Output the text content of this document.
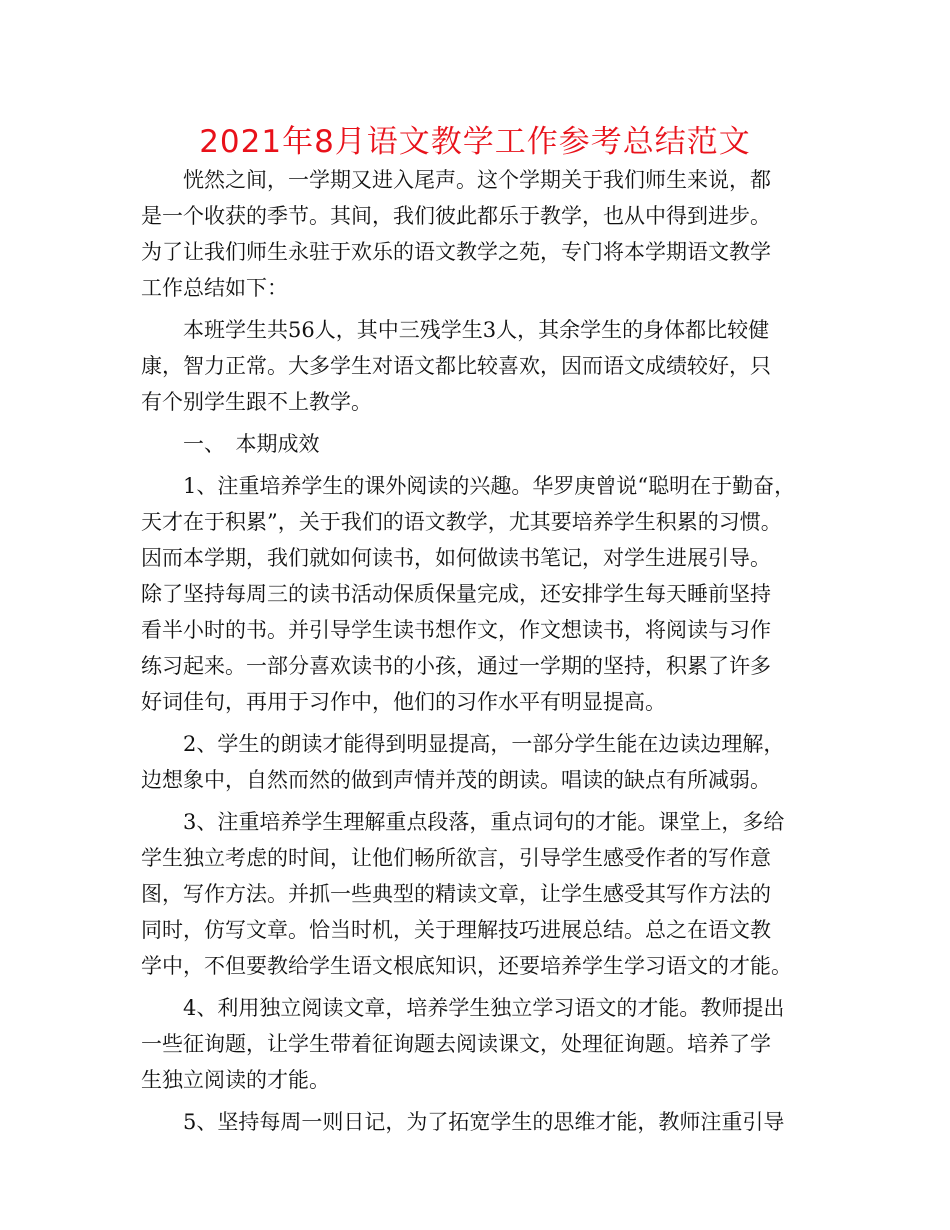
2021年8月语文教学工作参考总结范文
恍然之间，一学期又进入尾声。这个学期关于我们师生来说，都
是一个收获的季节。其间，我们彼此都乐于教学，也从中得到进步。
为了让我们师生永驻于欢乐的语文教学之苑，专门将本学期语文教学
工作总结如下：
本班学生共56人，其中三残学生3人，其余学生的身体都比较健
康，智力正常。大多学生对语文都比较喜欢，因而语文成绩较好，只
有个别学生跟不上教学。
一、　本期成效
1、注重培养学生的课外阅读的兴趣。华罗庚曾说“聪明在于勤奋，
天才在于积累”，关于我们的语文教学，尤其要培养学生积累的习惯。
因而本学期，我们就如何读书，如何做读书笔记，对学生进展引导。
除了坚持每周三的读书活动保质保量完成，还安排学生每天睡前坚持
看半小时的书。并引导学生读书想作文，作文想读书，将阅读与习作
练习起来。一部分喜欢读书的小孩，通过一学期的坚持，积累了许多
好词佳句，再用于习作中，他们的习作水平有明显提高。
2、学生的朗读才能得到明显提高，一部分学生能在边读边理解，
边想象中，自然而然的做到声情并茂的朗读。唱读的缺点有所减弱。
3、注重培养学生理解重点段落，重点词句的才能。课堂上，多给
学生独立考虑的时间，让他们畅所欲言，引导学生感受作者的写作意
图，写作方法。并抓一些典型的精读文章，让学生感受其写作方法的
同时，仿写文章。恰当时机，关于理解技巧进展总结。总之在语文教
学中，不但要教给学生语文根底知识，还要培养学生学习语文的才能。
4、利用独立阅读文章，培养学生独立学习语文的才能。教师提出
一些征询题，让学生带着征询题去阅读课文，处理征询题。培养了学
生独立阅读的才能。
5、坚持每周一则日记，为了拓宽学生的思维才能，教师注重引导
